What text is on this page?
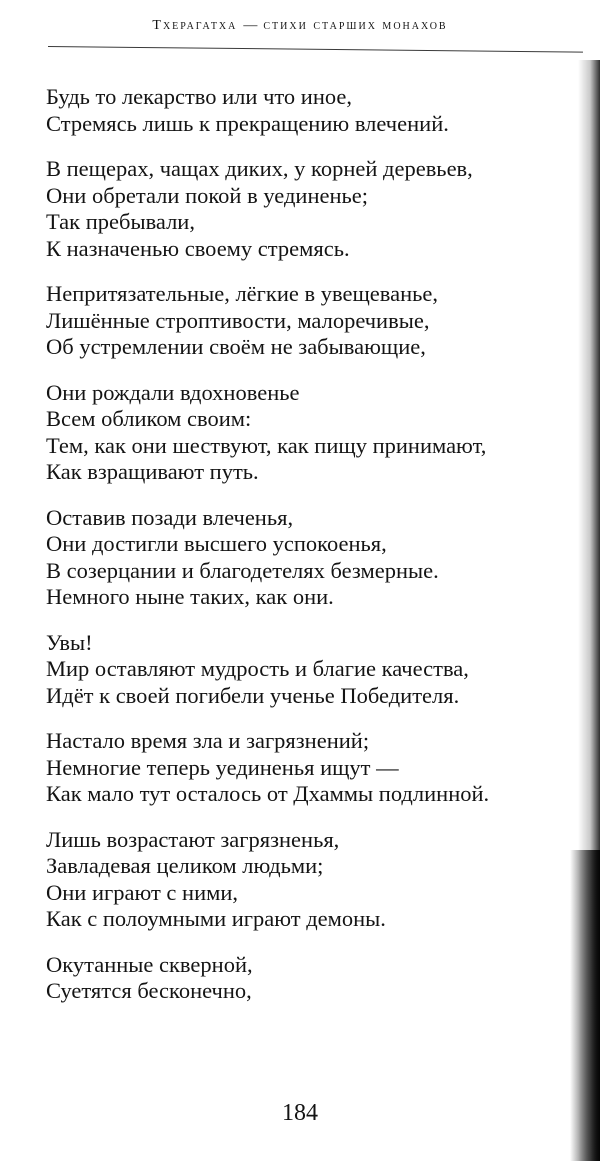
Тхерагатха — стихи старших монахов
Будь то лекарство или что иное,
Стремясь лишь к прекращению влечений.
В пещерах, чащах диких, у корней деревьев,
Они обретали покой в уединенье;
Так пребывали,
К назначенью своему стремясь.
Непритязательные, лёгкие в увещеванье,
Лишённые строптивости, малоречивые,
Об устремлении своём не забывающие,
Они рождали вдохновенье
Всем обликом своим:
Тем, как они шествуют, как пищу принимают,
Как взращивают путь.
Оставив позади влеченья,
Они достигли высшего успокоенья,
В созерцании и благодетелях безмерные.
Немного ныне таких, как они.
Увы!
Мир оставляют мудрость и благие качества,
Идёт к своей погибели ученье Победителя.
Настало время зла и загрязнений;
Немногие теперь уединенья ищут —
Как мало тут осталось от Дхаммы подлинной.
Лишь возрастают загрязненья,
Завладевая целиком людьми;
Они играют с ними,
Как с полоумными играют демоны.
Окутанные скверной,
Суетятся бесконечно,
184
